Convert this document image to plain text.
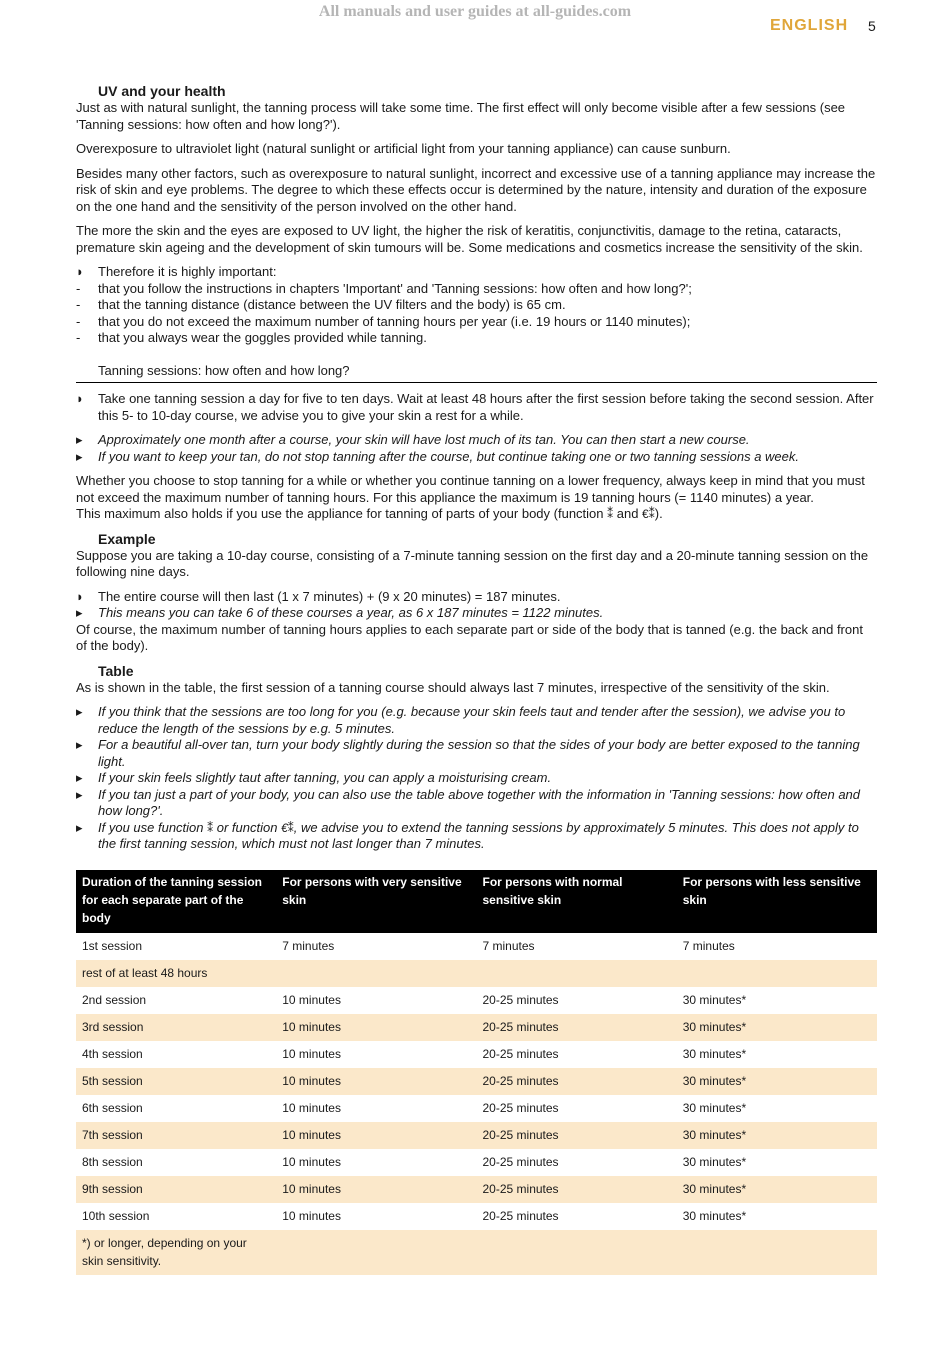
All manuals and user guides at all-guides.com
ENGLISH 5
UV and your health

Just as with natural sunlight, the tanning process will take some time. The first effect will only become visible after a few sessions (see 'Tanning sessions: how often and how long?').

Overexposure to ultraviolet light (natural sunlight or artificial light from your tanning appliance) can cause sunburn.

Besides many other factors, such as overexposure to natural sunlight, incorrect and excessive use of a tanning appliance may increase the risk of skin and eye problems. The degree to which these effects occur is determined by the nature, intensity and duration of the exposure on the one hand and the sensitivity of the person involved on the other hand.

The more the skin and the eyes are exposed to UV light, the higher the risk of keratitis, conjunctivitis, damage to the retina, cataracts, premature skin ageing and the development of skin tumours will be. Some medications and cosmetics increase the sensitivity of the skin.

◗	Therefore it is highly important:
-	that you follow the instructions in chapters 'Important' and 'Tanning sessions: how often and how long?';
-	that the tanning distance (distance between the UV filters and the body) is 65 cm.
-	that you do not exceed the maximum number of tanning hours per year (i.e. 19 hours or 1140 minutes);
-	that you always wear the goggles provided while tanning.
Tanning sessions: how often and how long?
◗	Take one tanning session a day for five to ten days. Wait at least 48 hours after the first session before taking the second session. After this 5- to 10-day course, we advise you to give your skin a rest for a while.
▸	Approximately one month after a course, your skin will have lost much of its tan. You can then start a new course.
▸	If you want to keep your tan, do not stop tanning after the course, but continue taking one or two tanning sessions a week.

Whether you choose to stop tanning for a while or whether you continue tanning on a lower frequency, always keep in mind that you must not exceed the maximum number of tanning hours. For this appliance the maximum is 19 tanning hours (= 1140 minutes) a year.

This maximum also holds if you use the appliance for tanning of parts of your body (function ⁑ and €⁑).

Example

Suppose you are taking a 10-day course, consisting of a 7-minute tanning session on the first day and a 20-minute tanning session on the following nine days.

◗	The entire course will then last (1 x 7 minutes) + (9 x 20 minutes) = 187 minutes.
▸	This means you can take 6 of these courses a year, as 6 x 187 minutes = 1122 minutes.

Of course, the maximum number of tanning hours applies to each separate part or side of the body that is tanned (e.g. the back and front of the body).

Table

As is shown in the table, the first session of a tanning course should always last 7 minutes, irrespective of the sensitivity of the skin.

▸	If you think that the sessions are too long for you (e.g. because your skin feels taut and tender after the session), we advise you to reduce the length of the sessions by e.g. 5 minutes.
▸	For a beautiful all-over tan, turn your body slightly during the session so that the sides of your body are better exposed to the tanning light.
▸	If your skin feels slightly taut after tanning, you can apply a moisturising cream.
▸	If you tan just a part of your body, you can also use the table above together with the information in 'Tanning sessions: how often and how long?'.
▸	If you use function ⁑ or function €⁑, we advise you to extend the tanning sessions by approximately 5 minutes. This does not apply to the first tanning session, which must not last longer than 7 minutes.
Duration of the tanning session for each separate part of the body	For persons with very sensitive skin	For persons with normal sensitive skin	For persons with less sensitive skin
1st session	7 minutes	7 minutes	7 minutes
rest of at least 48 hours			
2nd session	10 minutes	20-25 minutes	30 minutes*
3rd session	10 minutes	20-25 minutes	30 minutes*
4th session	10 minutes	20-25 minutes	30 minutes*
5th session	10 minutes	20-25 minutes	30 minutes*
6th session	10 minutes	20-25 minutes	30 minutes*
7th session	10 minutes	20-25 minutes	30 minutes*
8th session	10 minutes	20-25 minutes	30 minutes*
9th session	10 minutes	20-25 minutes	30 minutes*
10th session	10 minutes	20-25 minutes	30 minutes*
*) or longer, depending on your skin sensitivity.			
